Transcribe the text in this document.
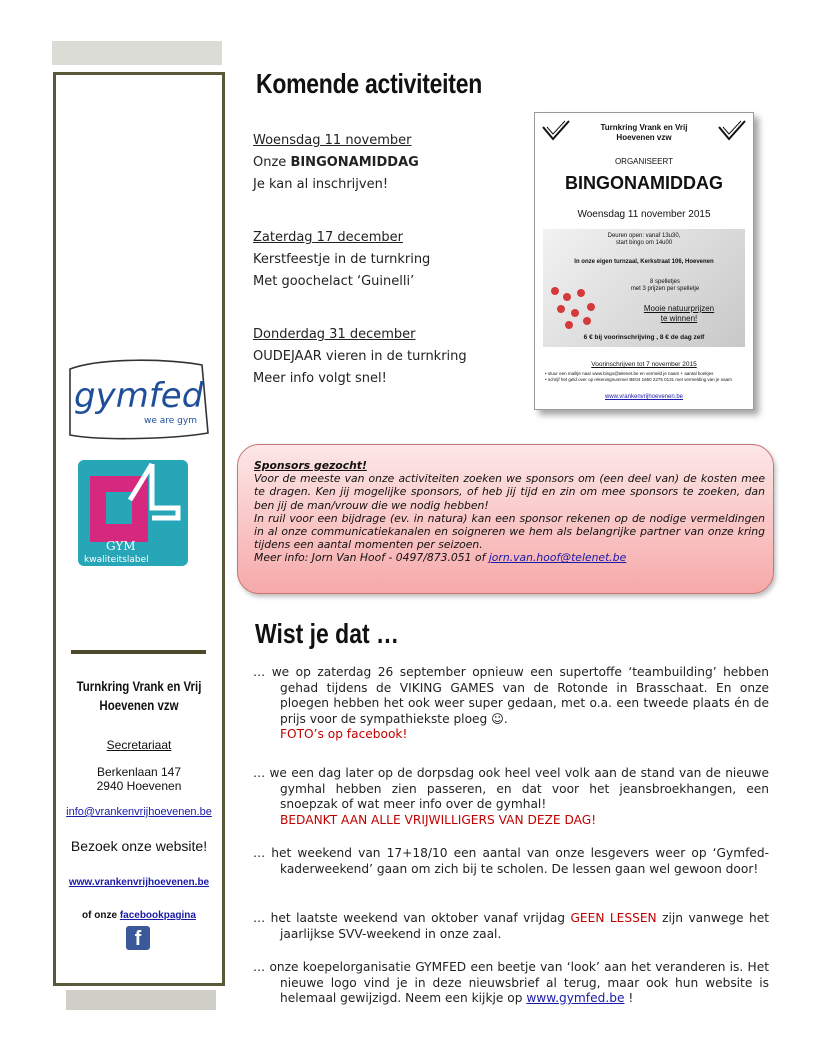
gymfed
we are gym
GYM
kwaliteitslabel
Turnkring Vrank en Vrij
Hoevenen vzw
Secretariaat
Berkenlaan 147
2940 Hoevenen
info@vrankenvrijhoevenen.be
Bezoek onze website!
www.vrankenvrijhoevenen.be
of onze facebookpagina
f
Komende activiteiten
Woensdag 11 november
Onze BINGONAMIDDAG
Je kan al inschrijven!
Zaterdag 17 december
Kerstfeestje in de turnkring
Met goochelact ‘Guinelli’
Donderdag 31 december
OUDEJAAR vieren in de turnkring
Meer info volgt snel!
Turnkring Vrank en Vrij
Hoevenen vzw
ORGANISEERT
BINGONAMIDDAG
Woensdag 11 november 2015
Deuren open: vanaf 13u30,
start bingo om 14u00
In onze eigen turnzaal, Kerkstraat 106, Hoevenen
8 spelletjes
met 3 prijzen per spelletje
Mooie natuurprijzen
te winnen!
6 € bij voorinschrijving , 8 € de dag zelf
Voorinschrijven tot 7 november 2015
• stuur een mailtje naar www.bingo@telenet.be en vermeld je naam + aantal boekjes
• schrijf het geld over op rekeningnummer BE04 1650 2275 0131 met vermelding van je naam
www.vrankenvrijhoevenen.be
Sponsors gezocht!
Voor de meeste van onze activiteiten zoeken we sponsors om (een deel van) de kosten mee te dragen. Ken jij mogelijke sponsors, of heb jij tijd en zin om mee sponsors te zoeken, dan ben jij de man/vrouw die we nodig hebben!
In ruil voor een bijdrage (ev. in natura) kan een sponsor rekenen op de nodige vermeldingen in al onze communicatiekanalen en soigneren we hem als belangrijke partner van onze kring tijdens een aantal momenten per seizoen.
Meer info: Jorn Van Hoof - 0497/873.051 of jorn.van.hoof@telenet.be
Wist je dat …

… we op zaterdag 26 september opnieuw een supertoffe ‘teambuilding’ hebben gehad tijdens de VIKING GAMES van de Rotonde in Brasschaat. En onze ploegen hebben het ook weer super gedaan, met o.a. een tweede plaats én de prijs voor de sympathiekste ploeg ☺.
FOTO’s op facebook!

… we een dag later op de dorpsdag ook heel veel volk aan de stand van de nieuwe gymhal hebben zien passeren, en dat voor het jeansbroekhangen, een snoepzak of wat meer info over de gymhal!
BEDANKT AAN ALLE VRIJWILLIGERS VAN DEZE DAG!

… het weekend van 17+18/10 een aantal van onze lesgevers weer op ‘Gymfed-kaderweekend’ gaan om zich bij te scholen. De lessen gaan wel gewoon door!

… het laatste weekend van oktober vanaf vrijdag GEEN LESSEN zijn vanwege het jaarlijkse SVV-weekend in onze zaal.

… onze koepelorganisatie GYMFED een beetje van ‘look’ aan het veranderen is. Het nieuwe logo vind je in deze nieuwsbrief al terug, maar ook hun website is helemaal gewijzigd. Neem een kijkje op www.gymfed.be !
